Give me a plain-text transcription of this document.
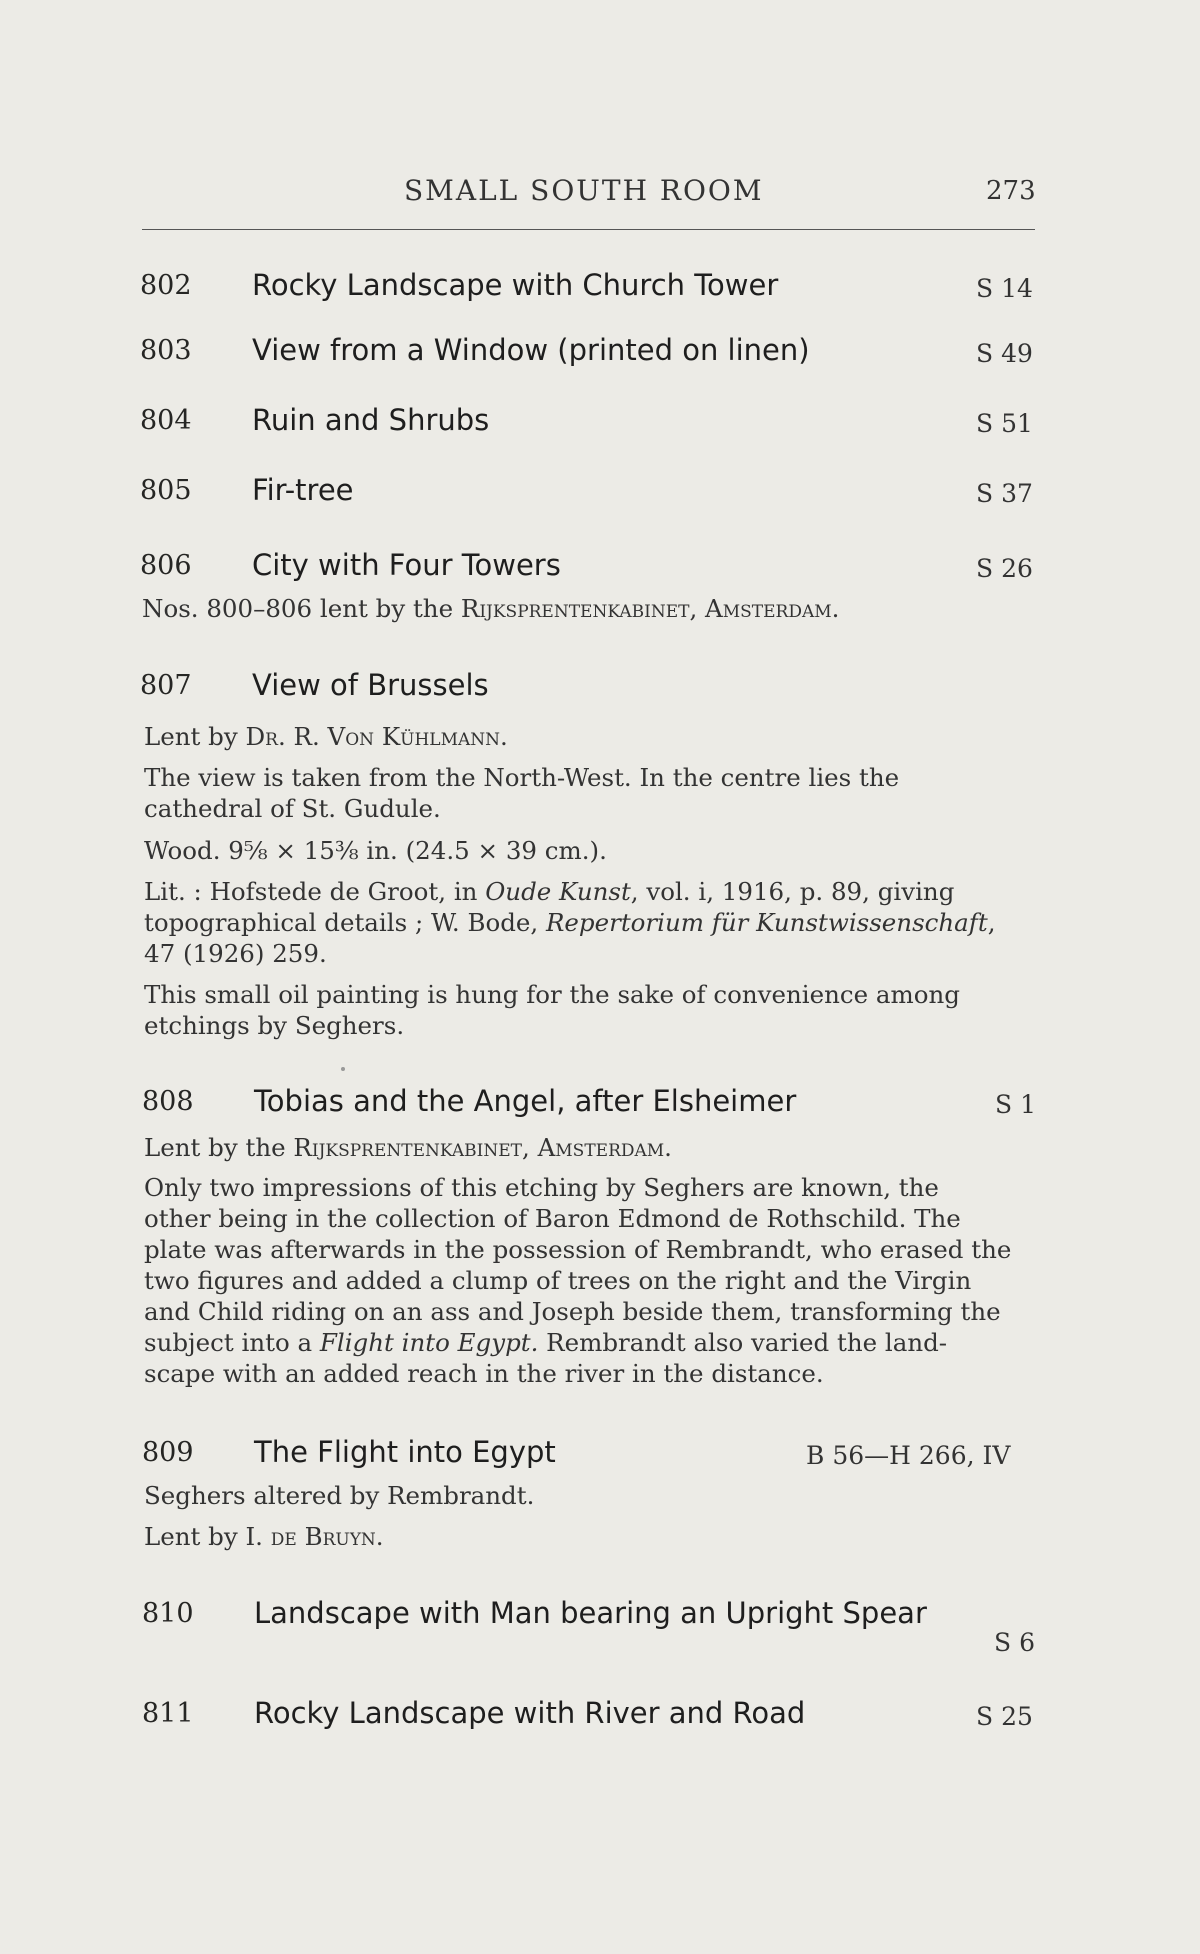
SMALL SOUTH ROOM	273
802 Rocky Landscape with Church Tower	S 14
803 View from a Window (printed on linen)	S 49
804 Ruin and Shrubs	S 51
805 Fir-tree	S 37
806 City with Four Towers	S 26
Nos. 800–806 lent by the Rijksprentenkabinet, Amsterdam.
807 View of Brussels
Lent by Dr. R. Von Kühlmann.
The view is taken from the North-West. In the centre lies the
cathedral of St. Gudule.
Wood. 9⅝ × 15⅜ in. (24.5 × 39 cm.).
Lit. : Hofstede de Groot, in Oude Kunst, vol. i, 1916, p. 89, giving
topographical details ; W. Bode, Repertorium für Kunstwissenschaft,
47 (1926) 259.
This small oil painting is hung for the sake of convenience among
etchings by Seghers.
808 Tobias and the Angel, after Elsheimer	S 1
Lent by the Rijksprentenkabinet, Amsterdam.
Only two impressions of this etching by Seghers are known, the
other being in the collection of Baron Edmond de Rothschild. The
plate was afterwards in the possession of Rembrandt, who erased the
two figures and added a clump of trees on the right and the Virgin
and Child riding on an ass and Joseph beside them, transforming the
subject into a Flight into Egypt. Rembrandt also varied the land-
scape with an added reach in the river in the distance.
809 The Flight into Egypt	B 56—H 266, IV
Seghers altered by Rembrandt.
Lent by I. de Bruyn.
810 Landscape with Man bearing an Upright Spear
S 6
811 Rocky Landscape with River and Road	S 25
